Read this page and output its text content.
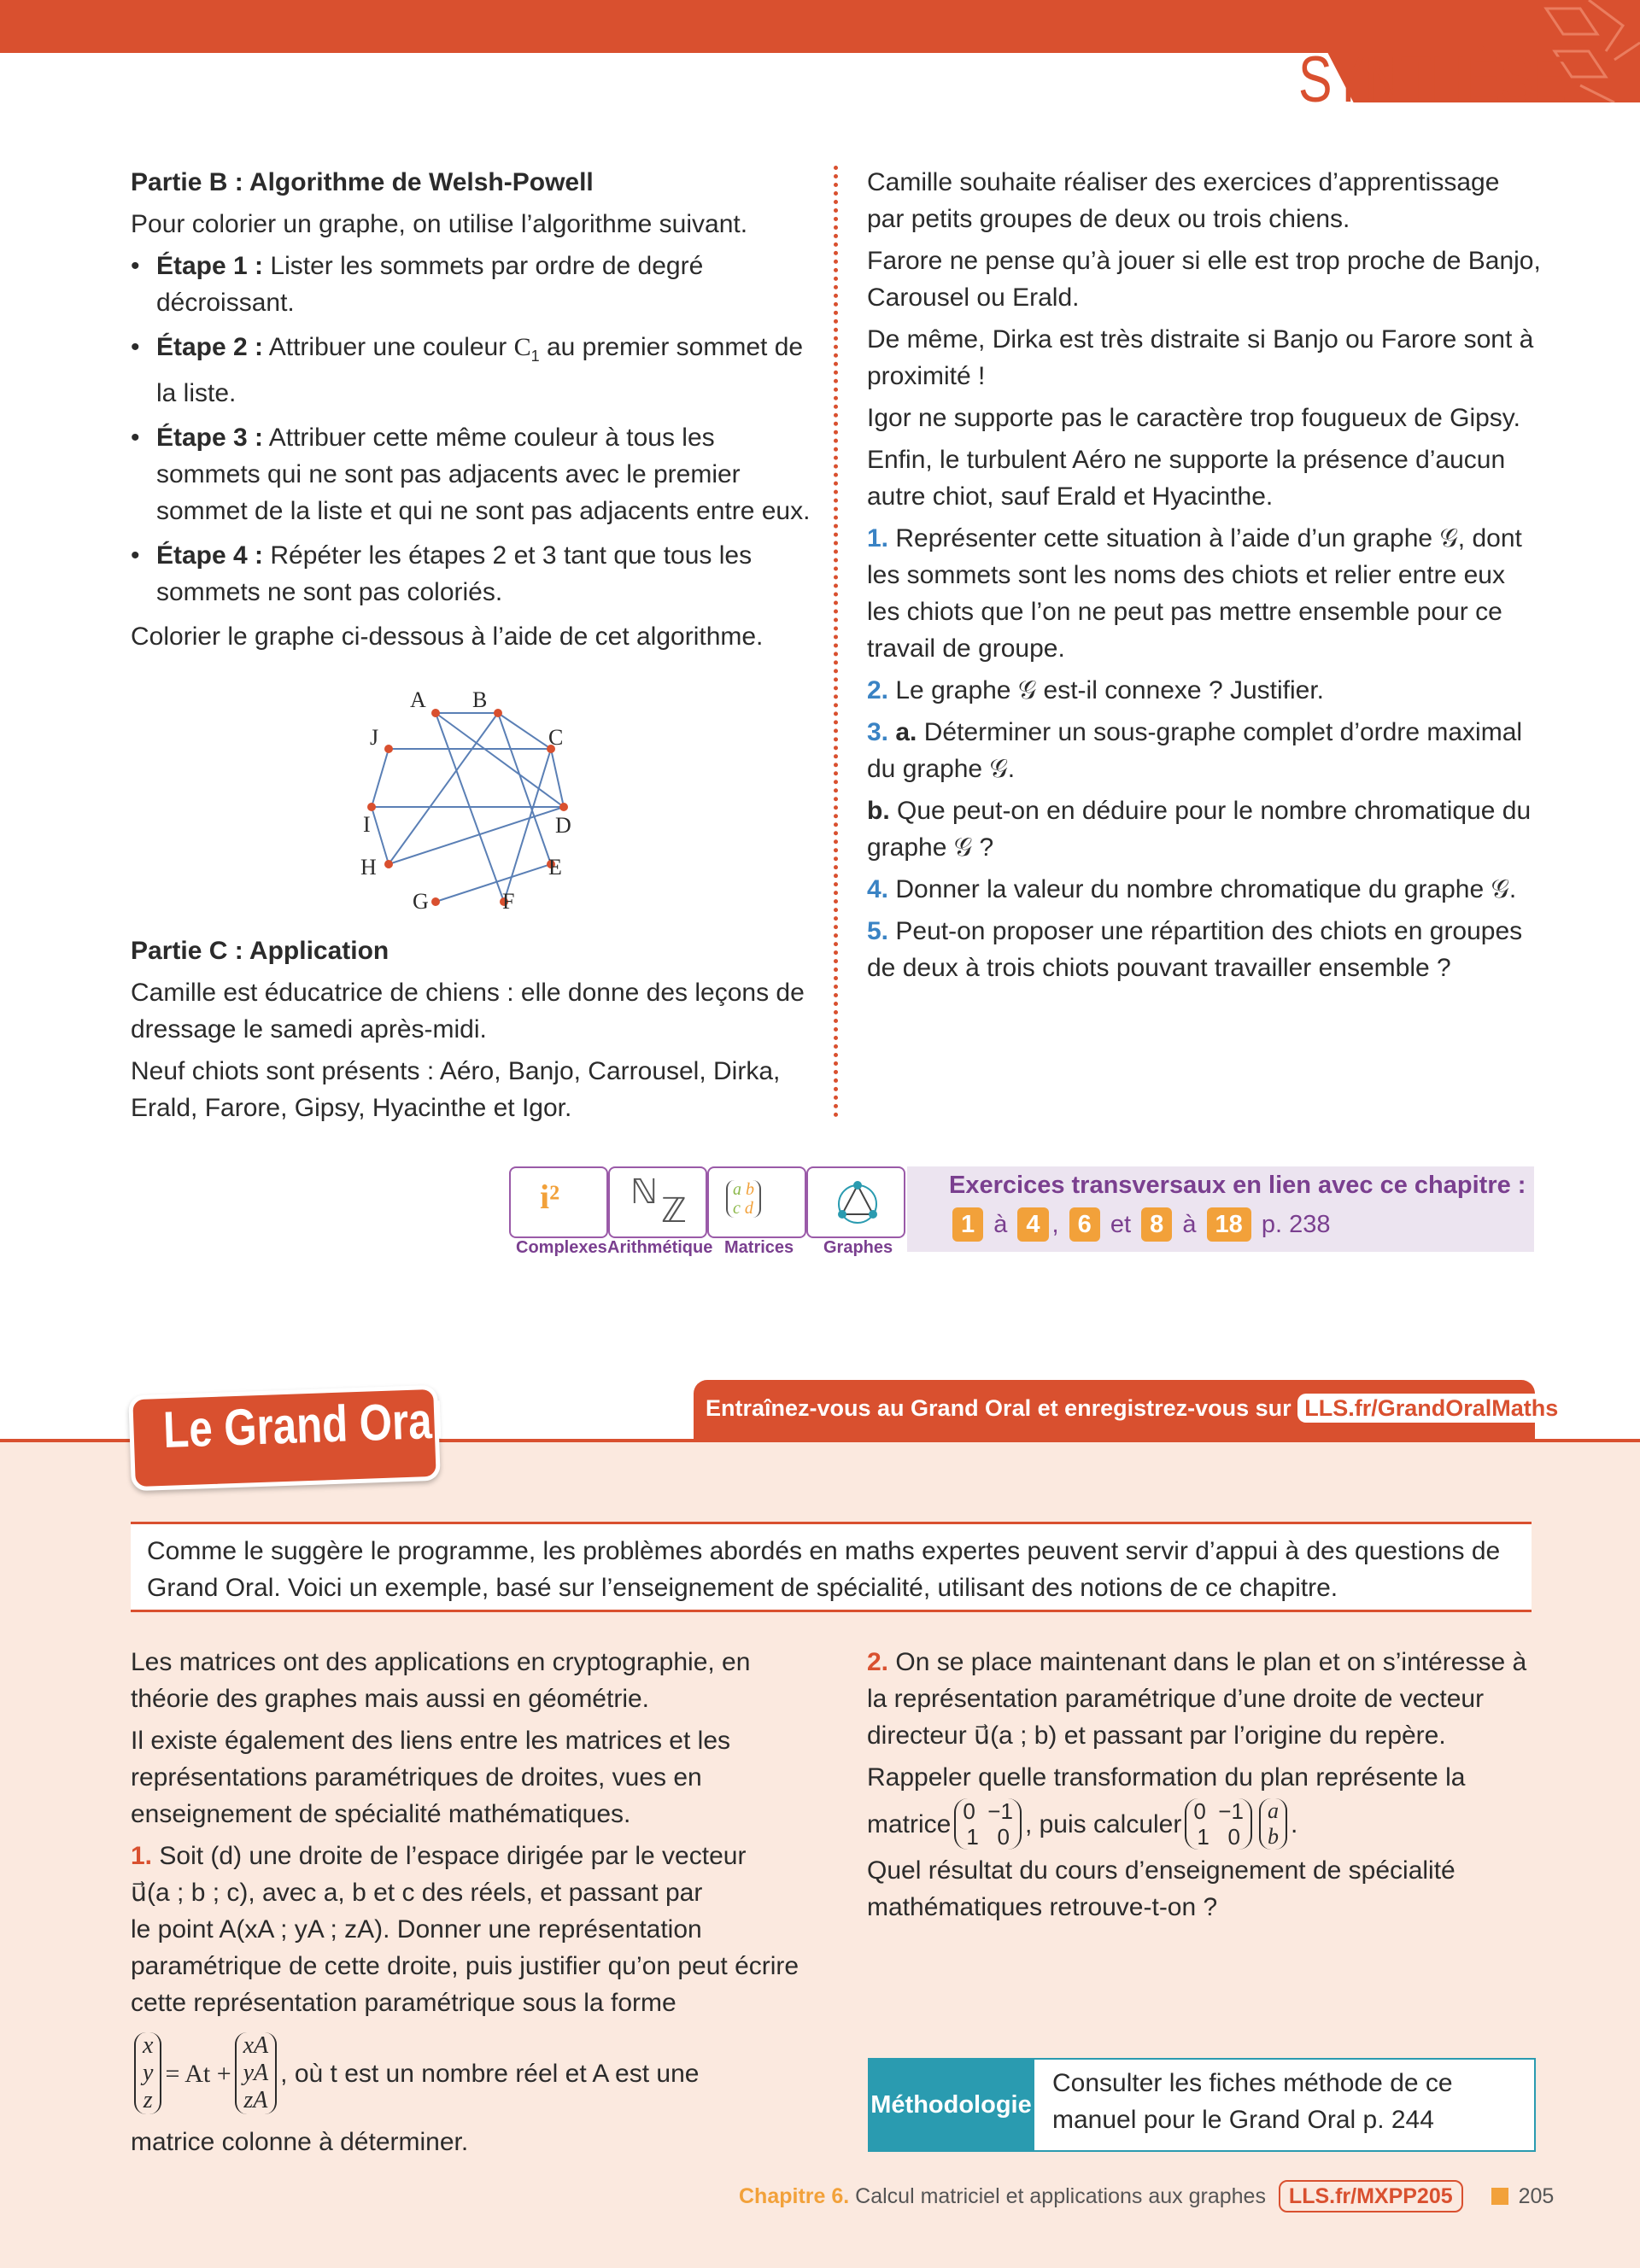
SYNTHÈSE

Partie B : Algorithme de Welsh-Powell

Pour colorier un graphe, on utilise l’algorithme suivant.

• Étape 1 : Lister les sommets par ordre de degré décroissant.
• Étape 2 : Attribuer une couleur $C_1$ au premier sommet de la liste.
• Étape 3 : Attribuer cette même couleur à tous les sommets qui ne sont pas adjacents avec le premier sommet de la liste et qui ne sont pas adjacents entre eux.
• Étape 4 : Répéter les étapes 2 et 3 tant que tous les sommets ne sont pas coloriés.

Colorier le graphe ci-dessous à l’aide de cet algorithme.

A B
C
D
E
F
G
H
I
J

Partie C : Application

Camille est éducatrice de chiens : elle donne des leçons de dressage le samedi après-midi.

Neuf chiots sont présents : Aéro, Banjo, Carrousel, Dirka, Erald, Farore, Gipsy, Hyacinthe et Igor.

Camille souhaite réaliser des exercices d’apprentissage par petits groupes de deux ou trois chiens.

Farore ne pense qu’à jouer si elle est trop proche de Banjo, Carousel ou Erald.

De même, Dirka est très distraite si Banjo ou Farore sont à proximité !

Igor ne supporte pas le caractère trop fougueux de Gipsy.

Enfin, le turbulent Aéro ne supporte la présence d’aucun autre chiot, sauf Erald et Hyacinthe.

1. Représenter cette situation à l’aide d’un graphe 𝒢, dont les sommets sont les noms des chiots et relier entre eux les chiots que l’on ne peut pas mettre ensemble pour ce travail de groupe.

2. Le graphe 𝒢 est-il connexe ? Justifier.

3. a. Déterminer un sous-graphe complet d’ordre maximal du graphe 𝒢.

b. Que peut-on en déduire pour le nombre chromatique du graphe 𝒢 ?

4. Donner la valeur du nombre chromatique du graphe 𝒢.

5. Peut-on proposer une répartition des chiots en groupes de deux à trois chiots pouvant travailler ensemble ?

i² ℕ ℤ
a b
c d
Complexes Arithmétique Matrices Graphes
Exercices transversaux en lien avec ce chapitre :
1 à 4 , 6 et 8 à 18 p. 238
Entraînez-vous au Grand Oral et enregistrez-vous sur LLS.fr/GrandOralMaths
Le Grand Oral
Comme le suggère le programme, les problèmes abordés en maths expertes peuvent servir d’appui à des questions de Grand Oral. Voici un exemple, basé sur l’enseignement de spécialité, utilisant des notions de ce chapitre.

Les matrices ont des applications en cryptographie, en théorie des graphes mais aussi en géométrie.

Il existe également des liens entre les matrices et les représentations paramétriques de droites, vues en enseignement de spécialité mathématiques.

1. Soit (d) une droite de l’espace dirigée par le vecteur

u⃗(a ; b ; c), avec a, b et c des réels, et passant par

le point A(xA ; yA ; zA). Donner une représentation paramétrique de cette droite, puis justifier qu’on peut écrire cette représentation paramétrique sous la forme

x
y
z
= At +
xA
yA
zA
, où t est un nombre réel et A est une

matrice colonne à déterminer.

2. On se place maintenant dans le plan et on s’intéresse à la représentation paramétrique d’une droite de vecteur directeur u⃗(a ; b) et passant par l’origine du repère.

Rappeler quelle transformation du plan représente la

matrice 0 −1
1 0 , puis calculer 0 −1
1 0
a
b .

Quel résultat du cours d’enseignement de spécialité mathématiques retrouve-t-on ?

Méthodologie
Consulter les fiches méthode de ce manuel pour le Grand Oral p. 244
Chapitre 6. Calcul matriciel et applications aux graphes LLS.fr/MXPP205	205
